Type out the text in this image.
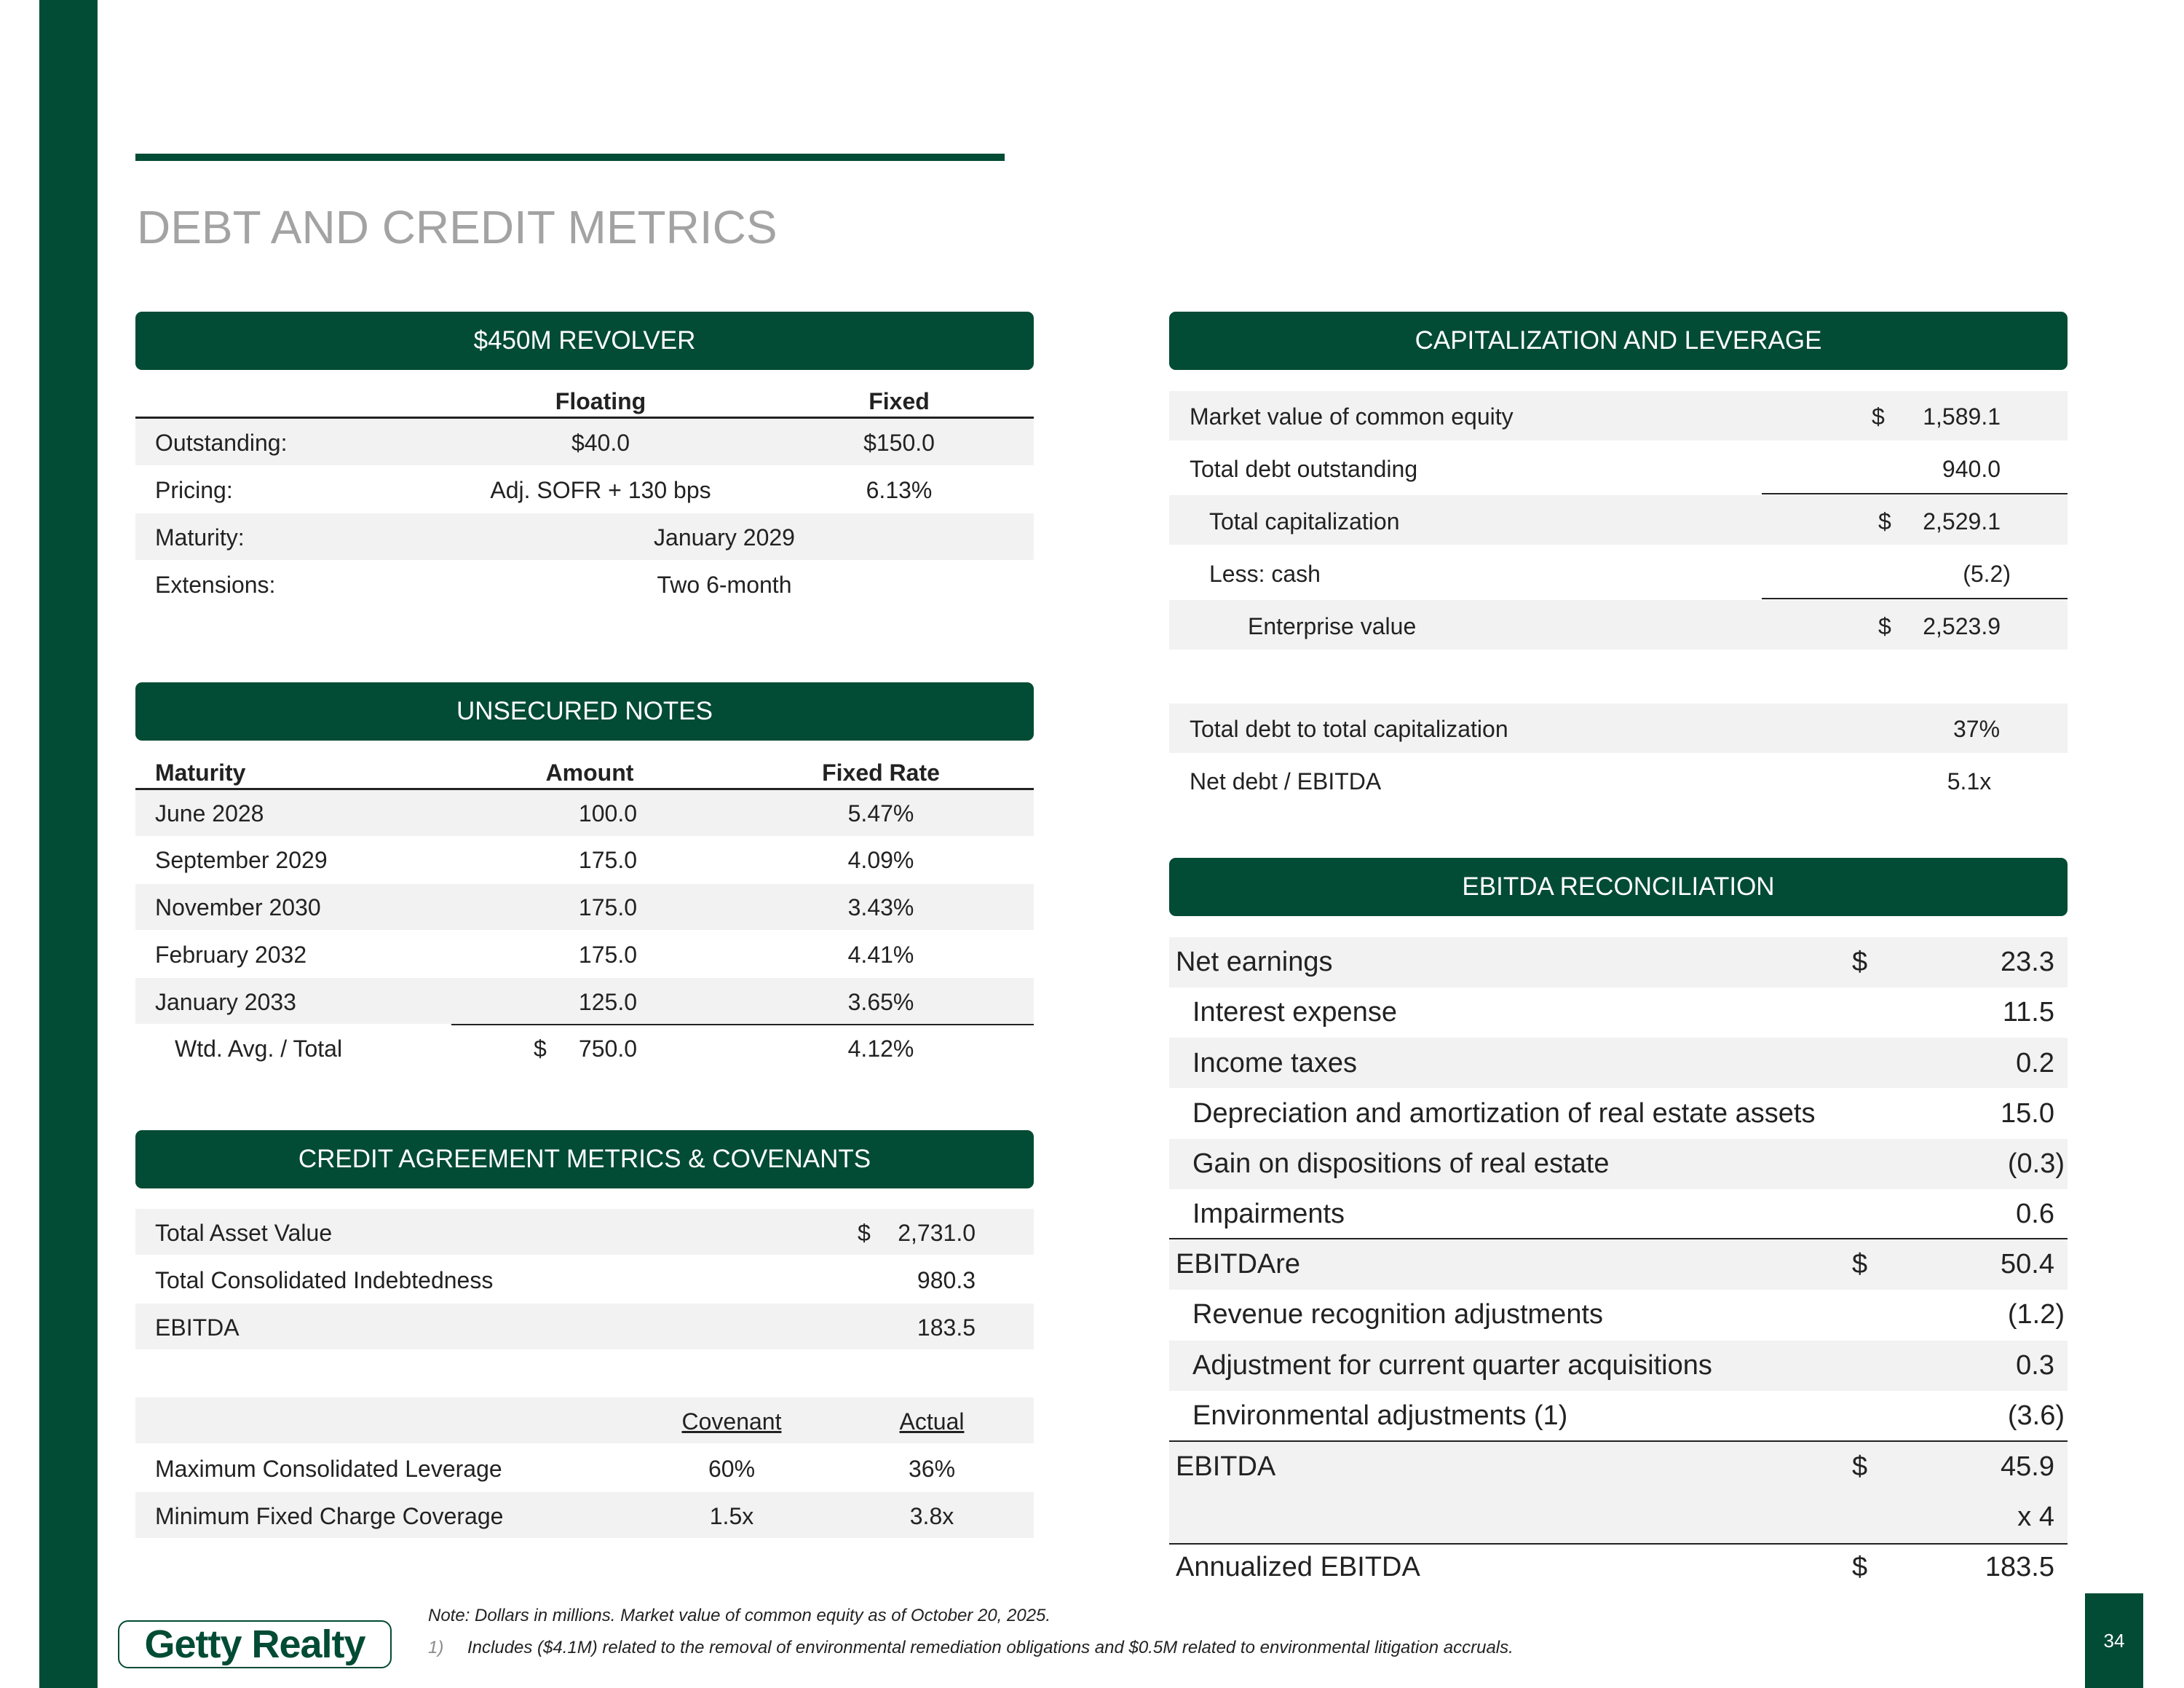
DEBT AND CREDIT METRICS
$450M REVOLVER
Floating	Fixed
Outstanding:	$40.0	$150.0
Pricing:	Adj. SOFR + 130 bps	6.13%
Maturity:	January 2029
Extensions:	Two 6-month
UNSECURED NOTES
Maturity	Amount	Fixed Rate
June 2028	100.0	5.47%
September 2029	175.0	4.09%
November 2030	175.0	3.43%
February 2032	175.0	4.41%
January 2033	125.0	3.65%
Wtd. Avg. / Total	$	750.0	4.12%
CREDIT AGREEMENT METRICS & COVENANTS
Total Asset Value	$	2,731.0
Total Consolidated Indebtedness	980.3
EBITDA	183.5
Covenant	Actual
Maximum Consolidated Leverage	60%	36%
Minimum Fixed Charge Coverage	1.5x	3.8x
CAPITALIZATION AND LEVERAGE
Market value of common equity	$	1,589.1
Total debt outstanding	940.0
Total capitalization	$	2,529.1
Less: cash	(5.2)
Enterprise value	$	2,523.9
Total debt to total capitalization	37%
Net debt / EBITDA	5.1x
EBITDA RECONCILIATION
Net earnings	$	23.3
Interest expense	11.5
Income taxes	0.2
Depreciation and amortization of real estate assets	15.0
Gain on dispositions of real estate	(0.3)
Impairments	0.6
EBITDAre	$	50.4
Revenue recognition adjustments	(1.2)
Adjustment for current quarter acquisitions	0.3
Environmental adjustments (1)	(3.6)
EBITDA	$	45.9
x 4
Annualized EBITDA	$	183.5
Getty Realty
Note: Dollars in millions. Market value of common equity as of October 20, 2025.
1) Includes ($4.1M) related to the removal of environmental remediation obligations and $0.5M related to environmental litigation accruals.	34
